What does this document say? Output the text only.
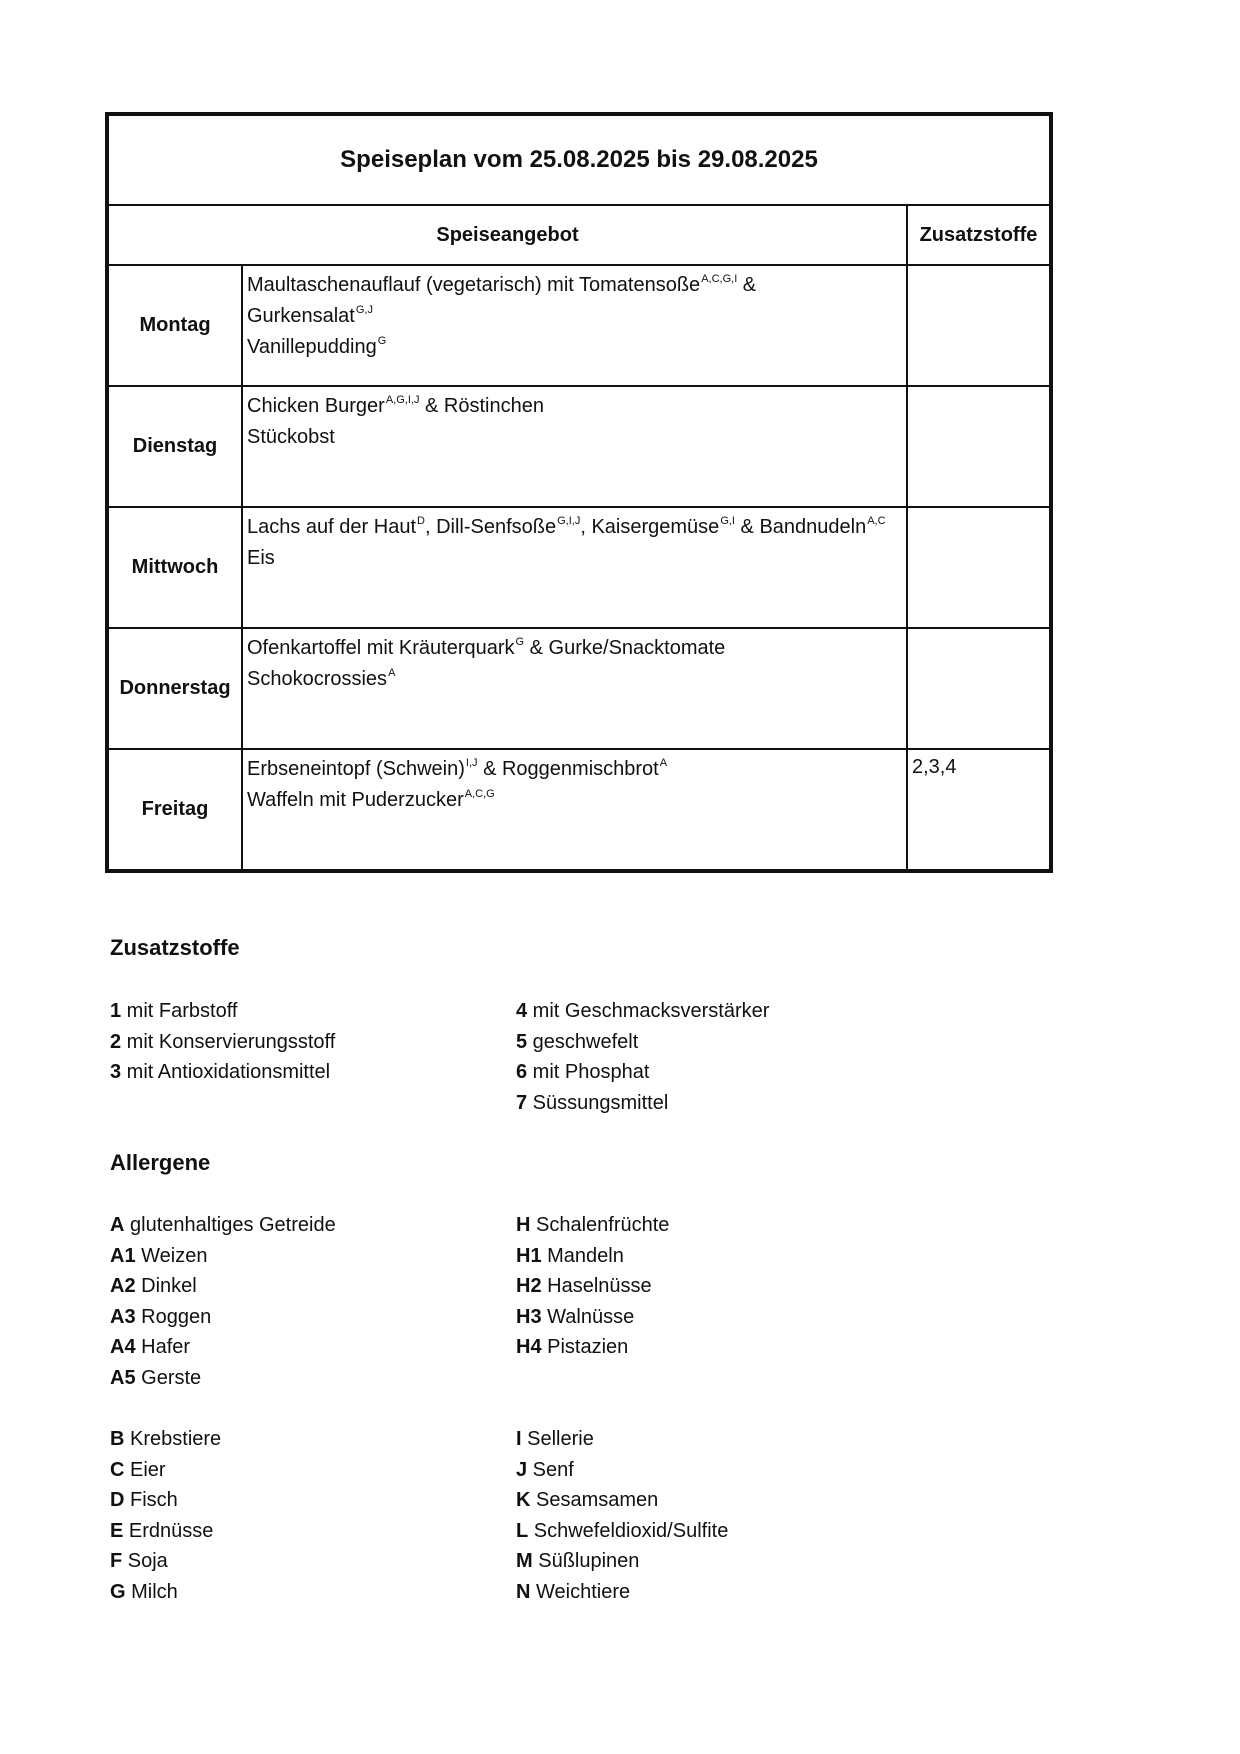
Speiseplan vom 25.08.2025 bis 29.08.2025		
Speiseangebot		Zusatzstoffe
Montag	Maultaschenauflauf (vegetarisch) mit Tomatensoße$^{A,C,G,I}$ &
Gurkensalat$^{G,J}$
Vanillepudding$^G$

Dienstag	Chicken Burger$^{A,G,I,J}$ & Röstinchen
Stückobst	

Mittwoch	Lachs auf der Haut$^D$, Dill-Senfsoße$^{G,I,J}$, Kaisergemüse$^{G,I}$ & Bandnudeln$^{A,C}$
Eis	

Donnerstag	Ofenkartoffel mit Kräuterquark$^G$ & Gurke/Snacktomate
Schokocrossies$^A$

Freitag	Erbseneintopf (Schwein)$^{I,J}$ & Roggenmischbrot$^A$
Waffeln mit Puderzucker$^{A,C,G}$	2,3,4
Zusatzstoffe
1 mit Farbstoff
2 mit Konservierungsstoff
3 mit Antioxidationsmittel
4 mit Geschmacksverstärker
5 geschwefelt
6 mit Phosphat
7 Süssungsmittel
Allergene
A glutenhaltiges Getreide
A1 Weizen
A2 Dinkel
A3 Roggen
A4 Hafer
A5 Gerste
H Schalenfrüchte
H1 Mandeln
H2 Haselnüsse
H3 Walnüsse
H4 Pistazien
B Krebstiere
C Eier
D Fisch
E Erdnüsse
F Soja
G Milch
I Sellerie
J Senf
K Sesamsamen
L Schwefeldioxid/Sulfite
M Süßlupinen
N Weichtiere
